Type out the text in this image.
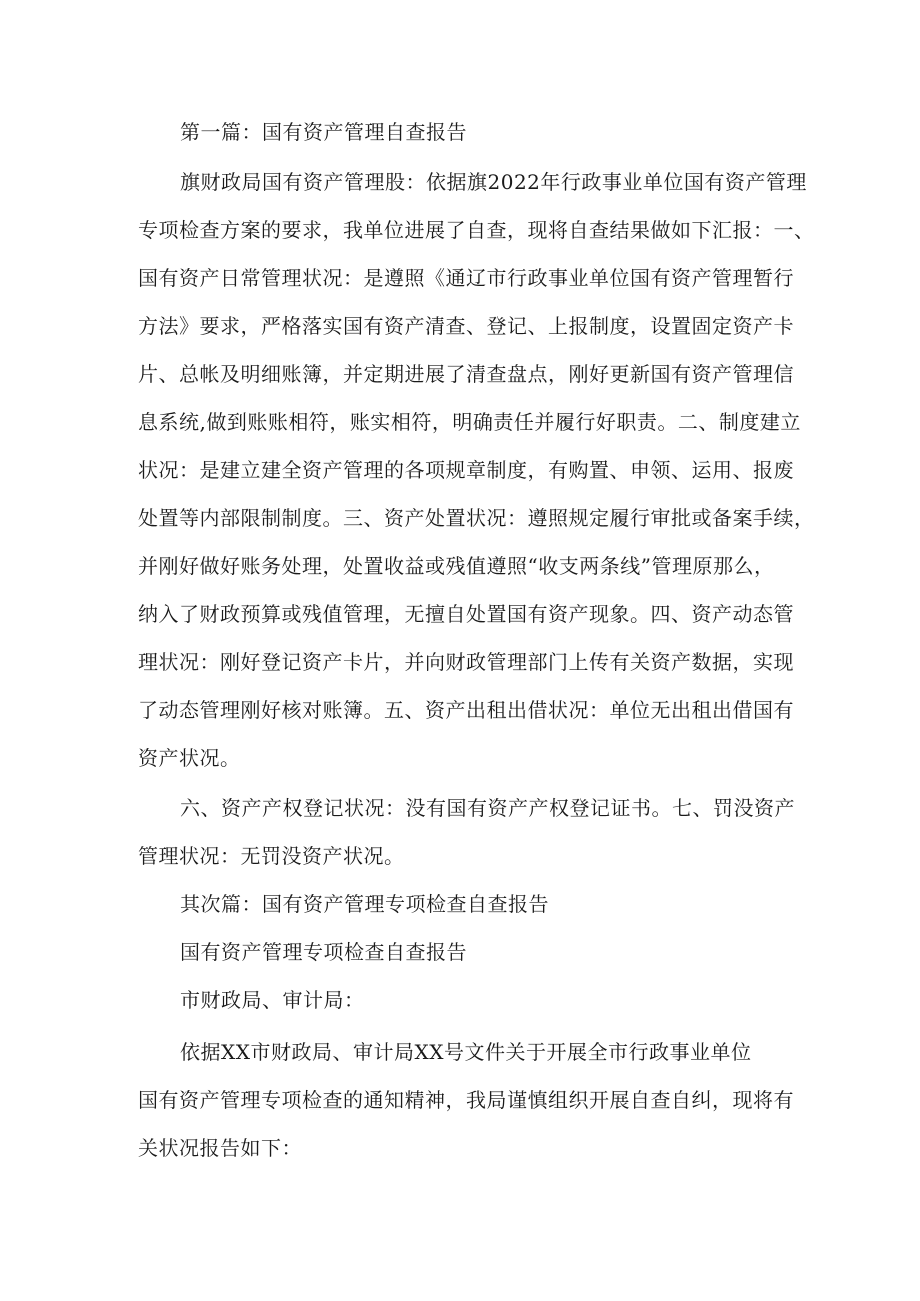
第一篇：国有资产管理自查报告
旗财政局国有资产管理股：依据旗2022年行政事业单位国有资产管理
专项检查方案的要求，我单位进展了自查，现将自查结果做如下汇报：一、
国有资产日常管理状况：是遵照《通辽市行政事业单位国有资产管理暂行
方法》要求，严格落实国有资产清查、登记、上报制度，设置固定资产卡
片、总帐及明细账簿，并定期进展了清查盘点，刚好更新国有资产管理信
息系统,做到账账相符，账实相符，明确责任并履行好职责。二、制度建立
状况：是建立建全资产管理的各项规章制度，有购置、申领、运用、报废
处置等内部限制制度。三、资产处置状况：遵照规定履行审批或备案手续，
并刚好做好账务处理，处置收益或残值遵照“收支两条线”管理原那么，
纳入了财政预算或残值管理，无擅自处置国有资产现象。四、资产动态管
理状况：刚好登记资产卡片，并向财政管理部门上传有关资产数据，实现
了动态管理刚好核对账簿。五、资产出租出借状况：单位无出租出借国有
资产状况。
六、资产产权登记状况：没有国有资产产权登记证书。七、罚没资产
管理状况：无罚没资产状况。
其次篇：国有资产管理专项检查自查报告
国有资产管理专项检查自查报告
市财政局、审计局：
依据XX市财政局、审计局XX号文件关于开展全市行政事业单位
国有资产管理专项检查的通知精神，我局谨慎组织开展自查自纠，现将有
关状况报告如下：
